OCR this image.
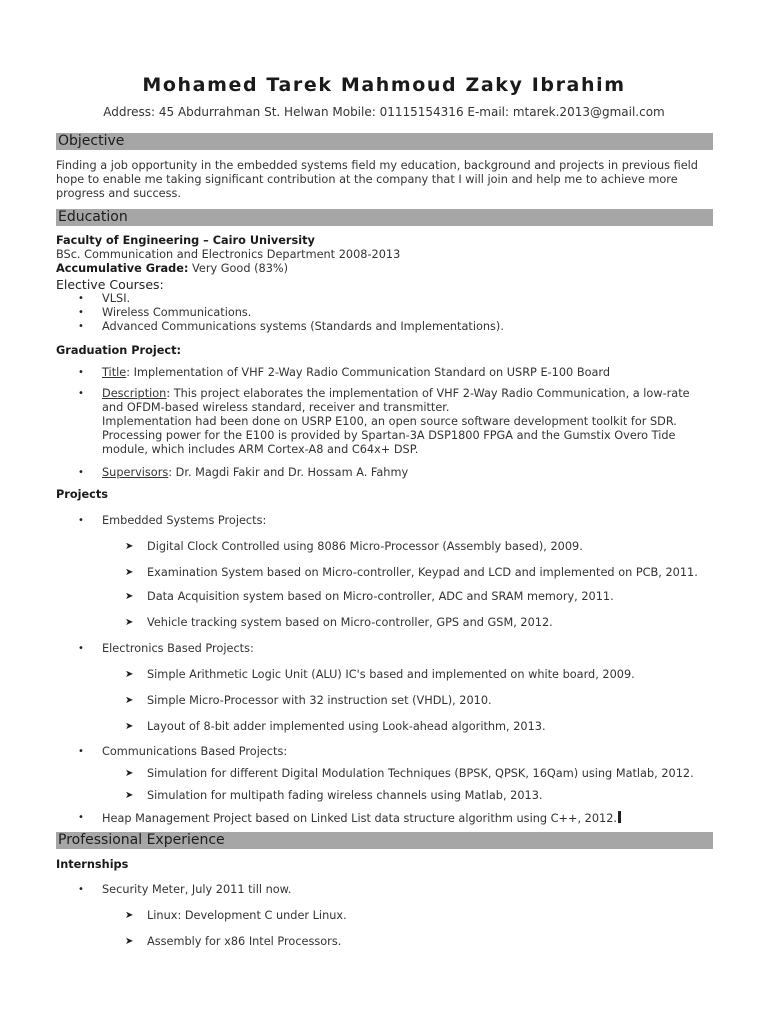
Mohamed Tarek Mahmoud Zaky Ibrahim
Address: 45 Abdurrahman St. Helwan Mobile: 01115154316 E-mail: mtarek.2013@gmail.com
Objective
Finding a job opportunity in the embedded systems field my education, background and projects in previous field
hope to enable me taking significant contribution at the company that I will join and help me to achieve more
progress and success.
Education
Faculty of Engineering – Cairo University
BSc. Communication and Electronics Department 2008-2013
Accumulative Grade: Very Good (83%)
Elective Courses:
• VLSI.
• Wireless Communications.
• Advanced Communications systems (Standards and Implementations).
Graduation Project:
• Title: Implementation of VHF 2-Way Radio Communication Standard on USRP E-100 Board
• Description: This project elaborates the implementation of VHF 2-Way Radio Communication, a low-rate
and OFDM-based wireless standard, receiver and transmitter.
Implementation had been done on USRP E100, an open source software development toolkit for SDR.
Processing power for the E100 is provided by Spartan-3A DSP1800 FPGA and the Gumstix Overo Tide
module, which includes ARM Cortex-A8 and C64x+ DSP.
• Supervisors: Dr. Magdi Fakir and Dr. Hossam A. Fahmy
Projects
• Embedded Systems Projects:
➤ Digital Clock Controlled using 8086 Micro-Processor (Assembly based), 2009.
➤ Examination System based on Micro-controller, Keypad and LCD and implemented on PCB, 2011.
➤ Data Acquisition system based on Micro-controller, ADC and SRAM memory, 2011.
➤ Vehicle tracking system based on Micro-controller, GPS and GSM, 2012.
• Electronics Based Projects:
➤ Simple Arithmetic Logic Unit (ALU) IC's based and implemented on white board, 2009.
➤ Simple Micro-Processor with 32 instruction set (VHDL), 2010.
➤ Layout of 8-bit adder implemented using Look-ahead algorithm, 2013.
• Communications Based Projects:
➤ Simulation for different Digital Modulation Techniques (BPSK, QPSK, 16Qam) using Matlab, 2012.
➤ Simulation for multipath fading wireless channels using Matlab, 2013.
• Heap Management Project based on Linked List data structure algorithm using C++, 2012.
Professional Experience
Internships
• Security Meter, July 2011 till now.
➤ Linux: Development C under Linux.
➤ Assembly for x86 Intel Processors.
